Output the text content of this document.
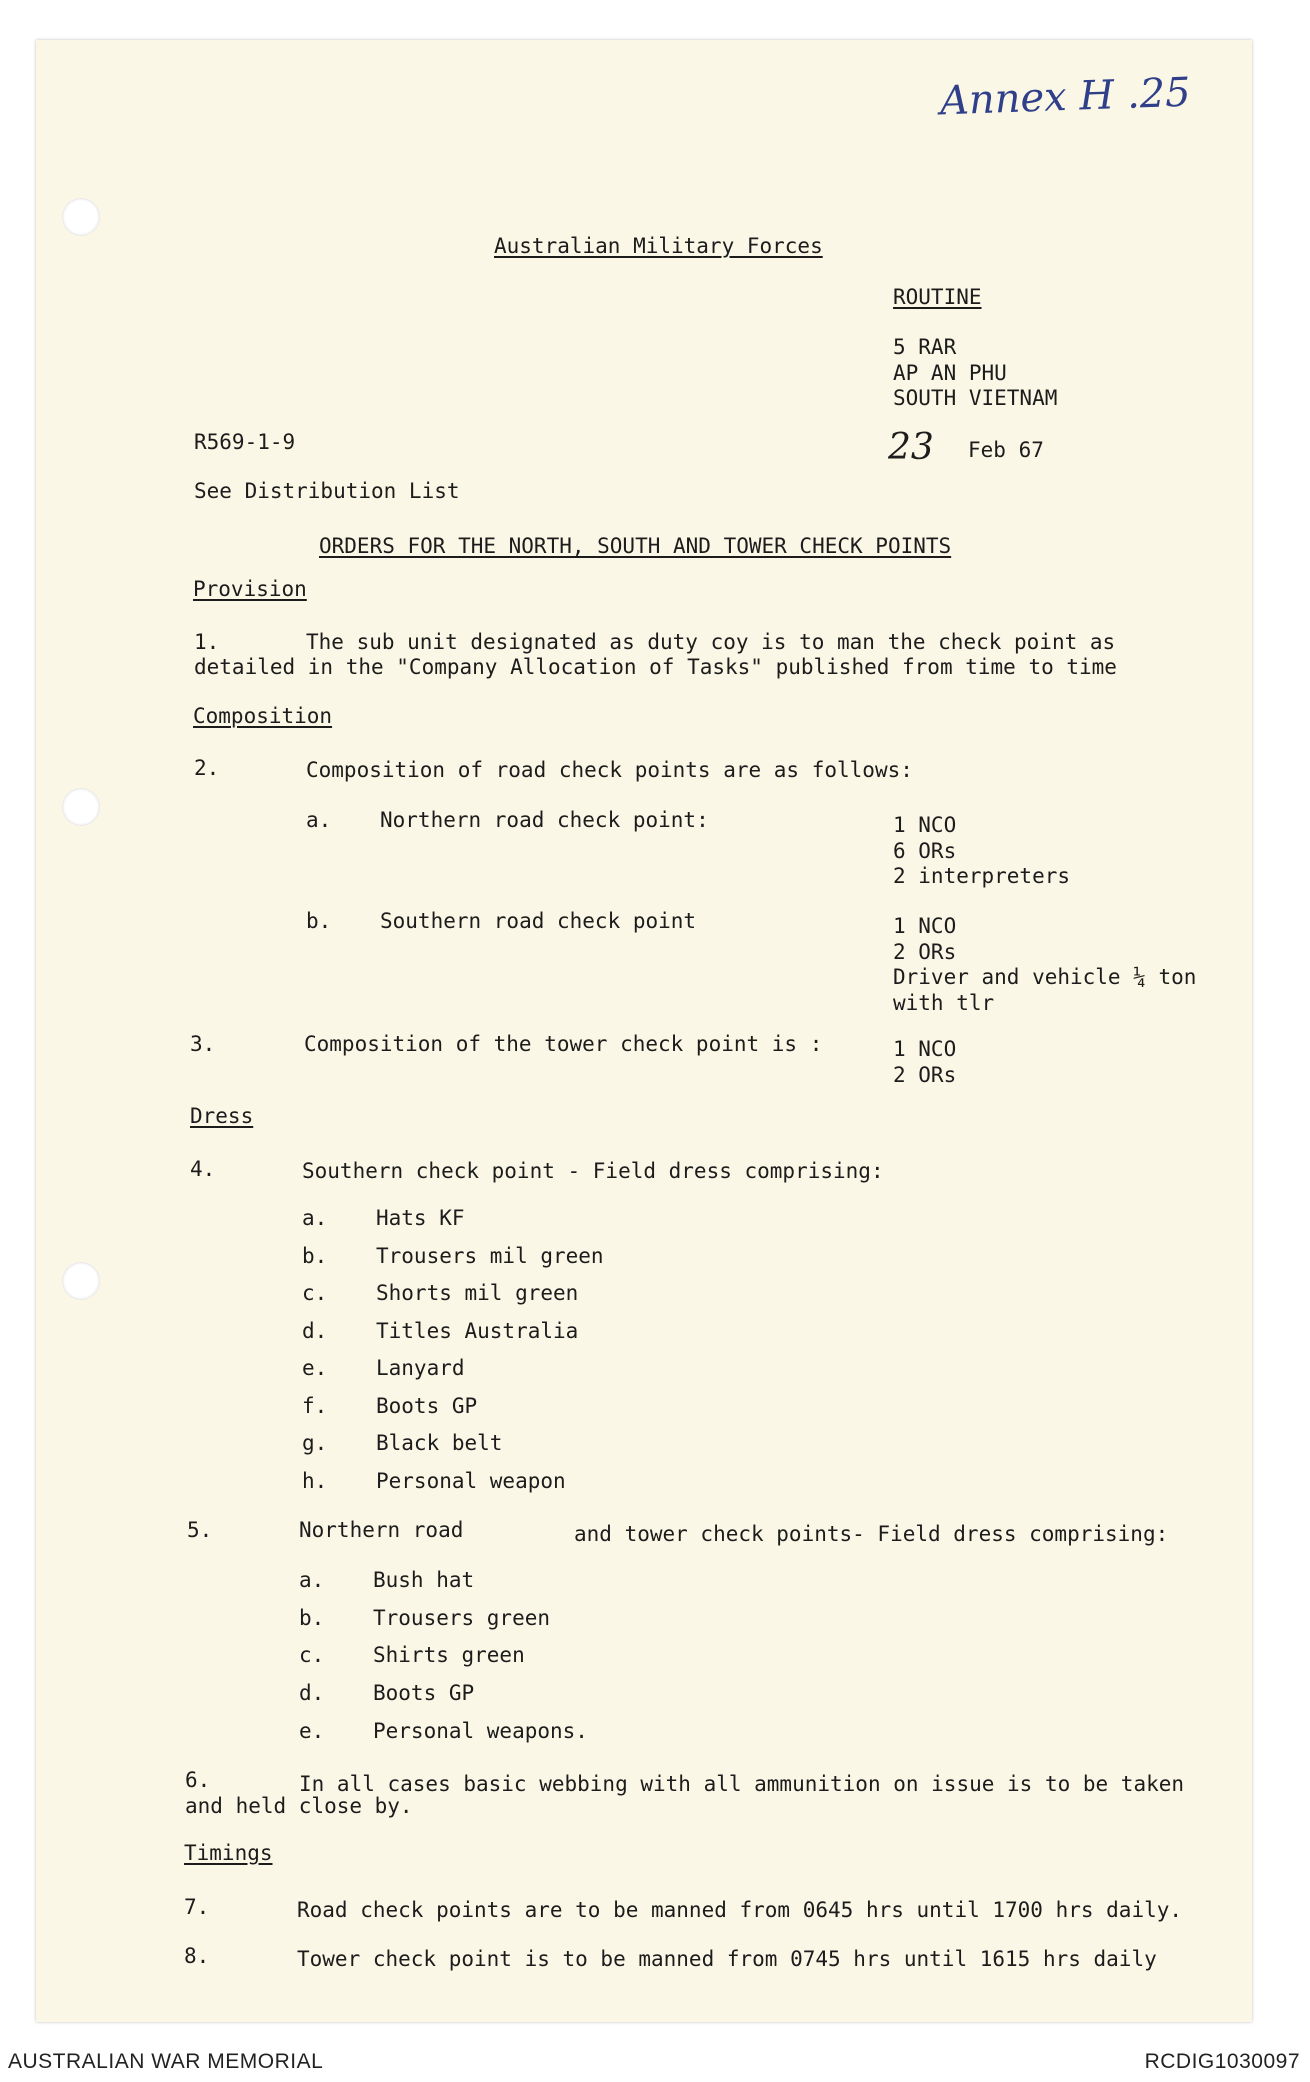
Annex H .25
Australian Military Forces
ROUTINE
5 RAR
AP AN PHU
SOUTH VIETNAM
R569-1-9	23 Feb 67
See Distribution List
ORDERS FOR THE NORTH, SOUTH AND TOWER CHECK POINTS
Provision
1.	The sub unit designated as duty coy is to man the check point as
detailed in the "Company Allocation of Tasks" published from time to time
Composition
2.	Composition of road check points are as follows:
a. Northern road check point:	1 NCO
6 ORs
2 interpreters
b. Southern road check point	1 NCO
2 ORs
Driver and vehicle ¼ ton
with tlr
3.	Composition of the tower check point is :	1 NCO
2 ORs
Dress
4.	Southern check point - Field dress comprising:
a. Hats KF
b. Trousers mil green
c. Shorts mil green
d. Titles Australia
e. Lanyard
f. Boots GP
g. Black belt
h. Personal weapon
5.	Northern road	and tower check points- Field dress comprising:
a. Bush hat
b. Trousers green
c. Shirts green
d. Boots GP
e. Personal weapons.
6.	In all cases basic webbing with all ammunition on issue is to be taken
and held close by.
Timings
7.	Road check points are to be manned from 0645 hrs until 1700 hrs daily.
8.	Tower check point is to be manned from 0745 hrs until 1615 hrs daily
AUSTRALIAN WAR MEMORIAL	RCDIG1030097
